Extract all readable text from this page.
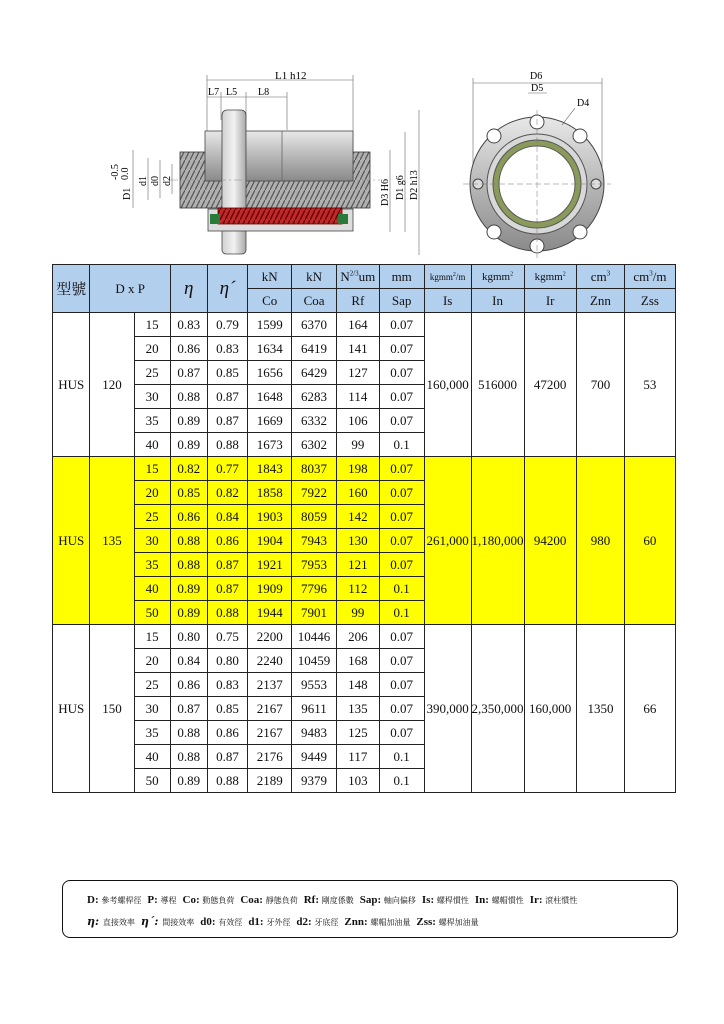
L1 h12
L7 L5 L8
-0.5 0.0
D1
d1 d0 d2	D3 H6 D1 g6 D2 h13
D6
D5
D4
型號	D x P		η	η´	kN	kN	$N^{2/3}um$	mm	kgmm$^2$/m	kgmm$^2$	kgmm$^2$	$cm^3$	$cm^3/m$
					Co	Coa	Rf	Sap	Is	In	Ir	Znn	Zss
HUS	120	15	0.83	0.79	1599	6370	164	0.07	160,000	516000	47200	700	53
		20	0.86	0.83	1634	6419	141	0.07					
		25	0.87	0.85	1656	6429	127	0.07					
		30	0.88	0.87	1648	6283	114	0.07					
		35	0.89	0.87	1669	6332	106	0.07					
		40	0.89	0.88	1673	6302	99	0.1					
HUS	135	15	0.82	0.77	1843	8037	198	0.07	261,000	1,180,000	94200	980	60
		20	0.85	0.82	1858	7922	160	0.07					
		25	0.86	0.84	1903	8059	142	0.07					
		30	0.88	0.86	1904	7943	130	0.07					
		35	0.88	0.87	1921	7953	121	0.07					
		40	0.89	0.87	1909	7796	112	0.1					
		50	0.89	0.88	1944	7901	99	0.1					
HUS	150	15	0.80	0.75	2200	10446	206	0.07	390,000	2,350,000	160,000	1350	66
		20	0.84	0.80	2240	10459	168	0.07					
		25	0.86	0.83	2137	9553	148	0.07					
		30	0.87	0.85	2167	9611	135	0.07					
		35	0.88	0.86	2167	9483	125	0.07					
		40	0.88	0.87	2176	9449	117	0.1					
		50	0.89	0.88	2189	9379	103	0.1					
D: 參考螺桿徑 P: 導程 Co: 動態負荷 Coa: 靜態負荷 Rf: 剛度係數 Sap: 軸向偏移 Is: 螺桿慣性 In: 螺帽慣性 Ir: 滾柱慣性
η: 直接效率 η´: 間接效率 d0: 有效徑 d1: 牙外徑 d2: 牙底徑 Znn: 螺帽加油量 Zss: 螺桿加油量
